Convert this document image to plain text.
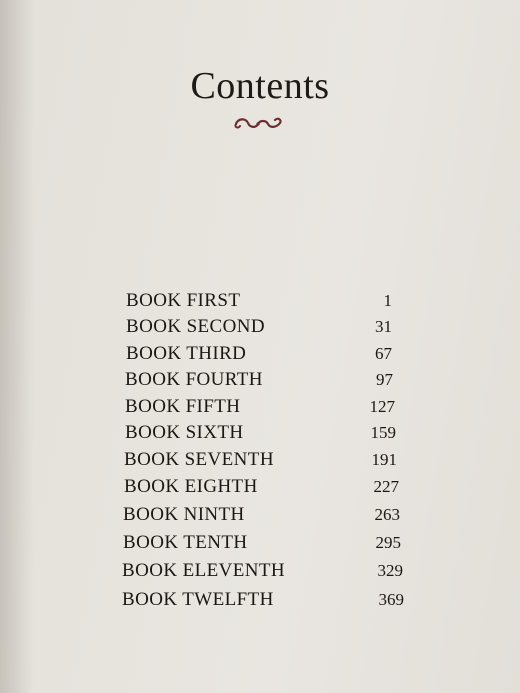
Contents
BOOK FIRST	1
BOOK SECOND	31
BOOK THIRD	67
BOOK FOURTH	97
BOOK FIFTH	127
BOOK SIXTH	159
BOOK SEVENTH	191
BOOK EIGHTH	227
BOOK NINTH	263
BOOK TENTH	295
BOOK ELEVENTH	329
BOOK TWELFTH	369
